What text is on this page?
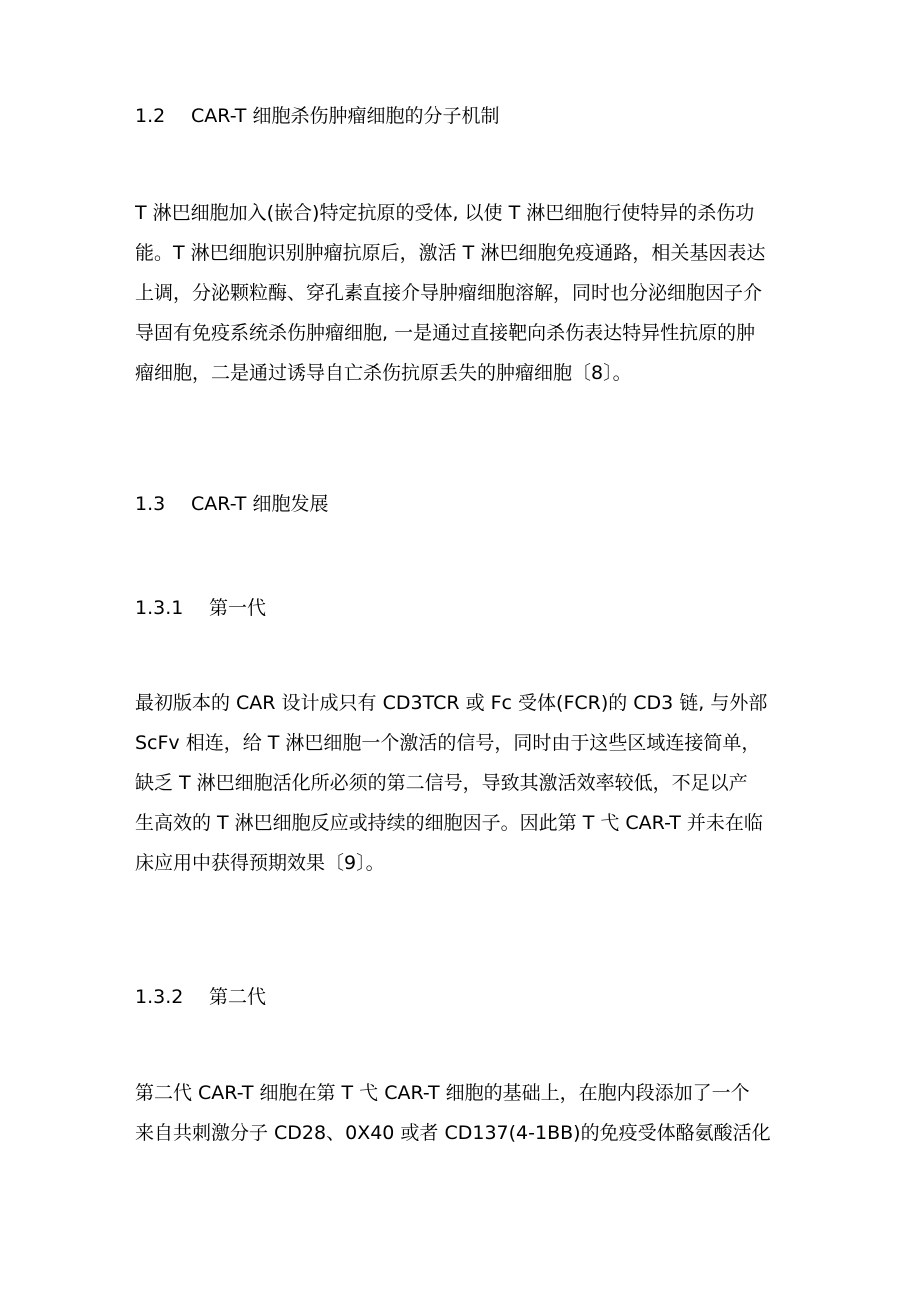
1.2 CAR-T 细胞杀伤肿瘤细胞的分子机制
T 淋巴细胞加入(嵌合)特定抗原的受体, 以使 T 淋巴细胞行使特异的杀伤功
能。T 淋巴细胞识别肿瘤抗原后，激活 T 淋巴细胞免疫通路，相关基因表达
上调，分泌颗粒酶、穿孔素直接介导肿瘤细胞溶解，同时也分泌细胞因子介
导固有免疫系统杀伤肿瘤细胞, 一是通过直接靶向杀伤表达特异性抗原的肿
瘤细胞，二是通过诱导自亡杀伤抗原丢失的肿瘤细胞〔8〕。
1.3 CAR-T 细胞发展
1.3.1 第一代
最初版本的 CAR 设计成只有 CD3TCR 或 Fc 受体(FCR)的 CD3 链, 与外部
ScFv 相连，给 T 淋巴细胞一个激活的信号，同时由于这些区域连接简单，
缺乏 T 淋巴细胞活化所必须的第二信号，导致其激活效率较低，不足以产
生高效的 T 淋巴细胞反应或持续的细胞因子。因此第 T 弋 CAR-T 并未在临
床应用中获得预期效果〔9〕。
1.3.2 第二代
第二代 CAR-T 细胞在第 T 弋 CAR-T 细胞的基础上，在胞内段添加了一个
来自共刺激分子 CD28、0X40 或者 CD137(4-1BB)的免疫受体酪氨酸活化
